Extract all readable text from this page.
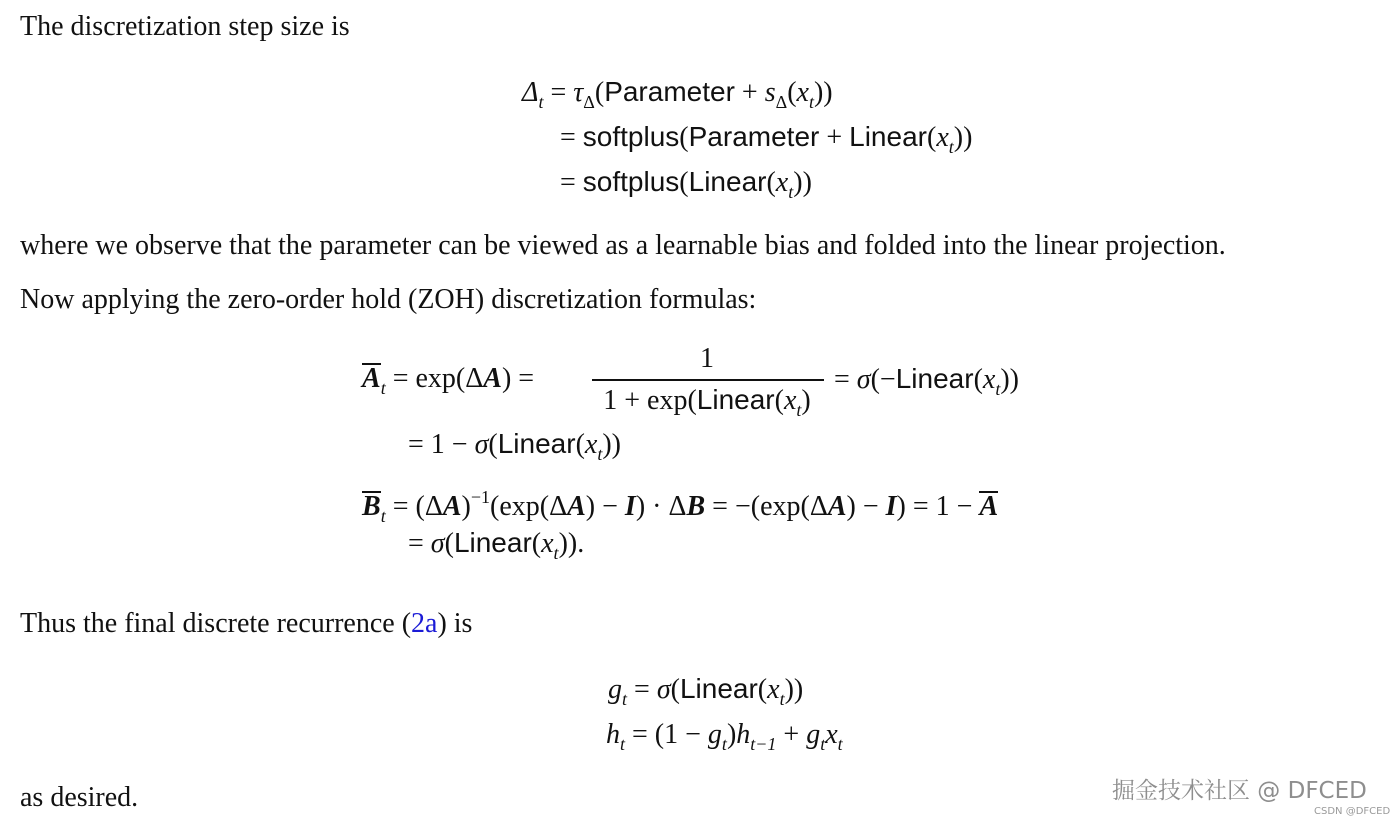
The discretization step size is
$\Delta_t$ = $\tau_\Delta(Parameter + s_\Delta(x_t))$
= softplus(Parameter + $Linear(x_t)$)
= $softplus(Linear(x_t))$
where we observe that the parameter can be viewed as a learnable bias and folded into the linear projection.
Now applying the zero-order hold (ZOH) discretization formulas:
$A_t = \exp(\Delta A)$ =
1
$1 + \exp(Linear(x_t)$
= $\sigma(-Linear(x_t))$
= $1 - \sigma(Linear(x_t))$
$B_t = (\Delta A)^{-1}(\exp(\Delta A) - I) \cdot \Delta B = -(\exp(\Delta A) - I) = 1 - A$
= $\sigma(Linear(x_t))$.
Thus the final discrete recurrence (2a) is
$g_t$ = $\sigma(Linear(x_t))$
$h_t = (1 - g_t)h_{t-1} + g_tx_t$
as desired.	掘金技术社区 @ DFCED
CSDN @DFCED
